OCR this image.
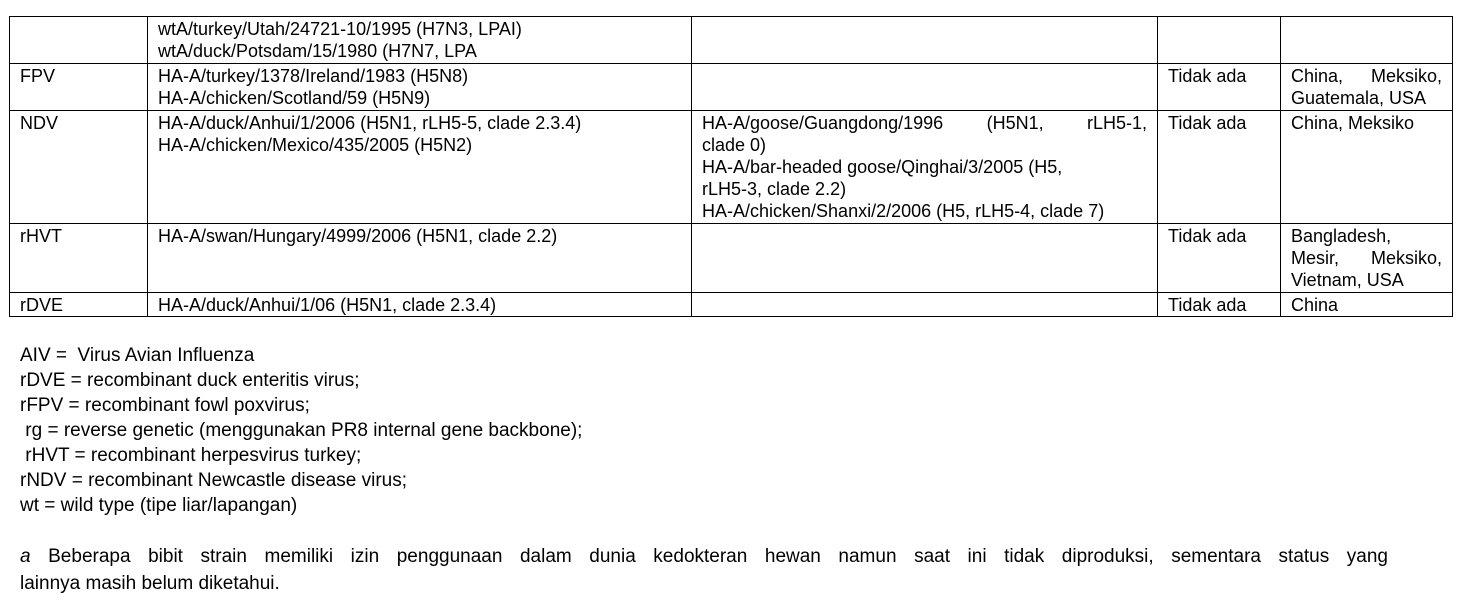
	wtA/turkey/Utah/24721-10/1995 (H7N3, LPAI)
wtA/duck/Potsdam/15/1980 (H7N7, LPA			

FPV	HA-A/turkey/1378/Ireland/1983 (H5N8)
HA-A/chicken/Scotland/59 (H5N9)		Tidak ada	China, Meksiko,
Guatemala, USA

NDV	HA-A/duck/Anhui/1/2006 (H5N1, rLH5-5, clade 2.3.4)
HA-A/chicken/Mexico/435/2005 (H5N2)	HA-A/goose/Guangdong/1996 (H5N1, rLH5-1,
clade 0)
HA-A/bar-headed goose/Qinghai/3/2005 (H5,
rLH5-3, clade 2.2)
HA-A/chicken/Shanxi/2/2006 (H5, rLH5-4, clade 7)	Tidak ada	China, Meksiko

rHVT	HA-A/swan/Hungary/4999/2006 (H5N1, clade 2.2)		Tidak ada	Bangladesh,
Mesir, Meksiko,
Vietnam, USA

rDVE	HA-A/duck/Anhui/1/06 (H5N1, clade 2.3.4)		Tidak ada	China
AIV =  Virus Avian Influenza
rDVE = recombinant duck enteritis virus;
rFPV = recombinant fowl poxvirus;
rg = reverse genetic (menggunakan PR8 internal gene backbone);
rHVT = recombinant herpesvirus turkey;
rNDV = recombinant Newcastle disease virus;
wt = wild type (tipe liar/lapangan)
a Beberapa bibit strain memiliki izin penggunaan dalam dunia kedokteran hewan namun saat ini tidak diproduksi, sementara status yang
lainnya masih belum diketahui.
